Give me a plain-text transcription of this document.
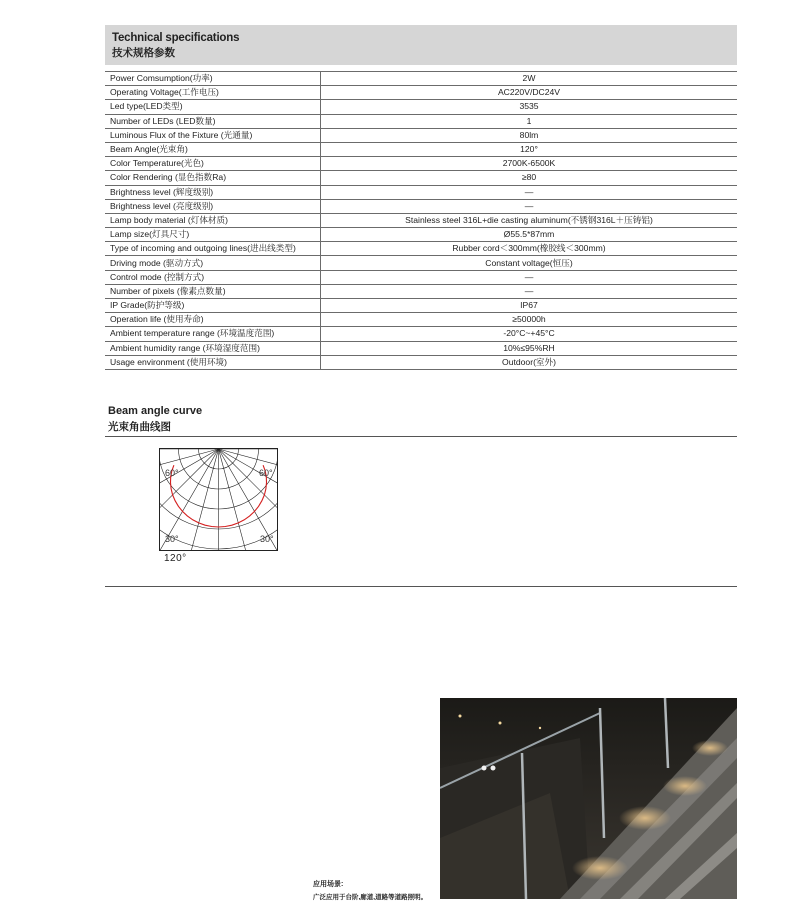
Technical specifications
技术规格参数
Power Comsumption(功率)	2W
Operating Voltage(工作电压)	AC220V/DC24V
Led type(LED类型)	3535
Number of LEDs (LED数量)	1
Luminous Flux of the Fixture (光通量)	80lm
Beam Angle(光束角)	120°
Color Temperature(光色)	2700K-6500K
Color Rendering (显色指数Ra)	≥80
Brightness level (辉度级别)	—
Brightness level (亮度级别)	—
Lamp body material (灯体材质)	Stainless steel 316L+die casting aluminum(不锈钢316L＋压铸铝)
Lamp size(灯具尺寸)	Ø55.5*87mm
Type of incoming and outgoing lines(进出线类型)	Rubber cord＜300mm(橡胶线＜300mm)
Driving mode (驱动方式)	Constant voltage(恒压)
Control mode (控制方式)	—
Number of pixels (像素点数量)	—
IP Grade(防护等级)	IP67
Operation life (使用寿命)	≥50000h
Ambient temperature range (环境温度范围)	-20°C~+45°C
Ambient humidity range (环境湿度范围)	10%≤95%RH
Usage environment (使用环境)	Outdoor(室外)
Beam angle curve
光束角曲线图
60°	60°
30°	30°
120°
应用场景:
广泛应用于台阶,廊道,道路等道路照明。
